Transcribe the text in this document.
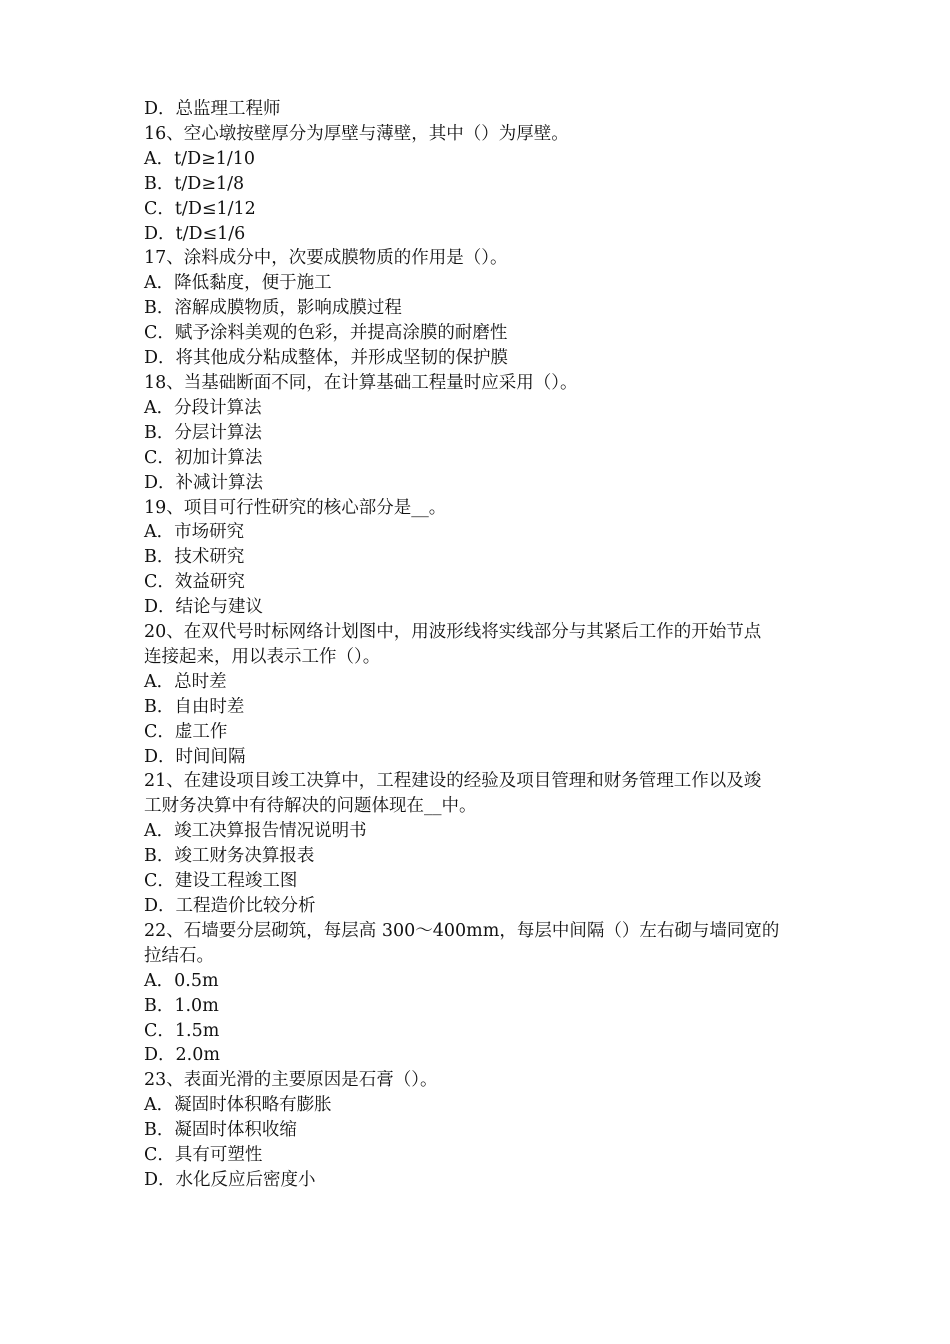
D．总监理工程师

16、空心墩按壁厚分为厚壁与薄壁，其中（）为厚壁。

A．t/D≥1/10

B．t/D≥1/8

C．t/D≤1/12

D．t/D≤1/6

17、涂料成分中，次要成膜物质的作用是（）。

A．降低黏度，便于施工

B．溶解成膜物质，影响成膜过程

C．赋予涂料美观的色彩，并提高涂膜的耐磨性

D．将其他成分粘成整体，并形成坚韧的保护膜

18、当基础断面不同，在计算基础工程量时应采用（）。

A．分段计算法

B．分层计算法

C．初加计算法

D．补减计算法

19、项目可行性研究的核心部分是__。

A．市场研究

B．技术研究

C．效益研究

D．结论与建议

20、在双代号时标网络计划图中，用波形线将实线部分与其紧后工作的开始节点

连接起来，用以表示工作（）。

A．总时差

B．自由时差

C．虚工作

D．时间间隔

21、在建设项目竣工决算中，工程建设的经验及项目管理和财务管理工作以及竣

工财务决算中有待解决的问题体现在__中。

A．竣工决算报告情况说明书

B．竣工财务决算报表

C．建设工程竣工图

D．工程造价比较分析

22、石墙要分层砌筑，每层高 300～400mm，每层中间隔（）左右砌与墙同宽的

拉结石。

A．0.5m

B．1.0m

C．1.5m

D．2.0m

23、表面光滑的主要原因是石膏（）。

A．凝固时体积略有膨胀

B．凝固时体积收缩

C．具有可塑性

D．水化反应后密度小
